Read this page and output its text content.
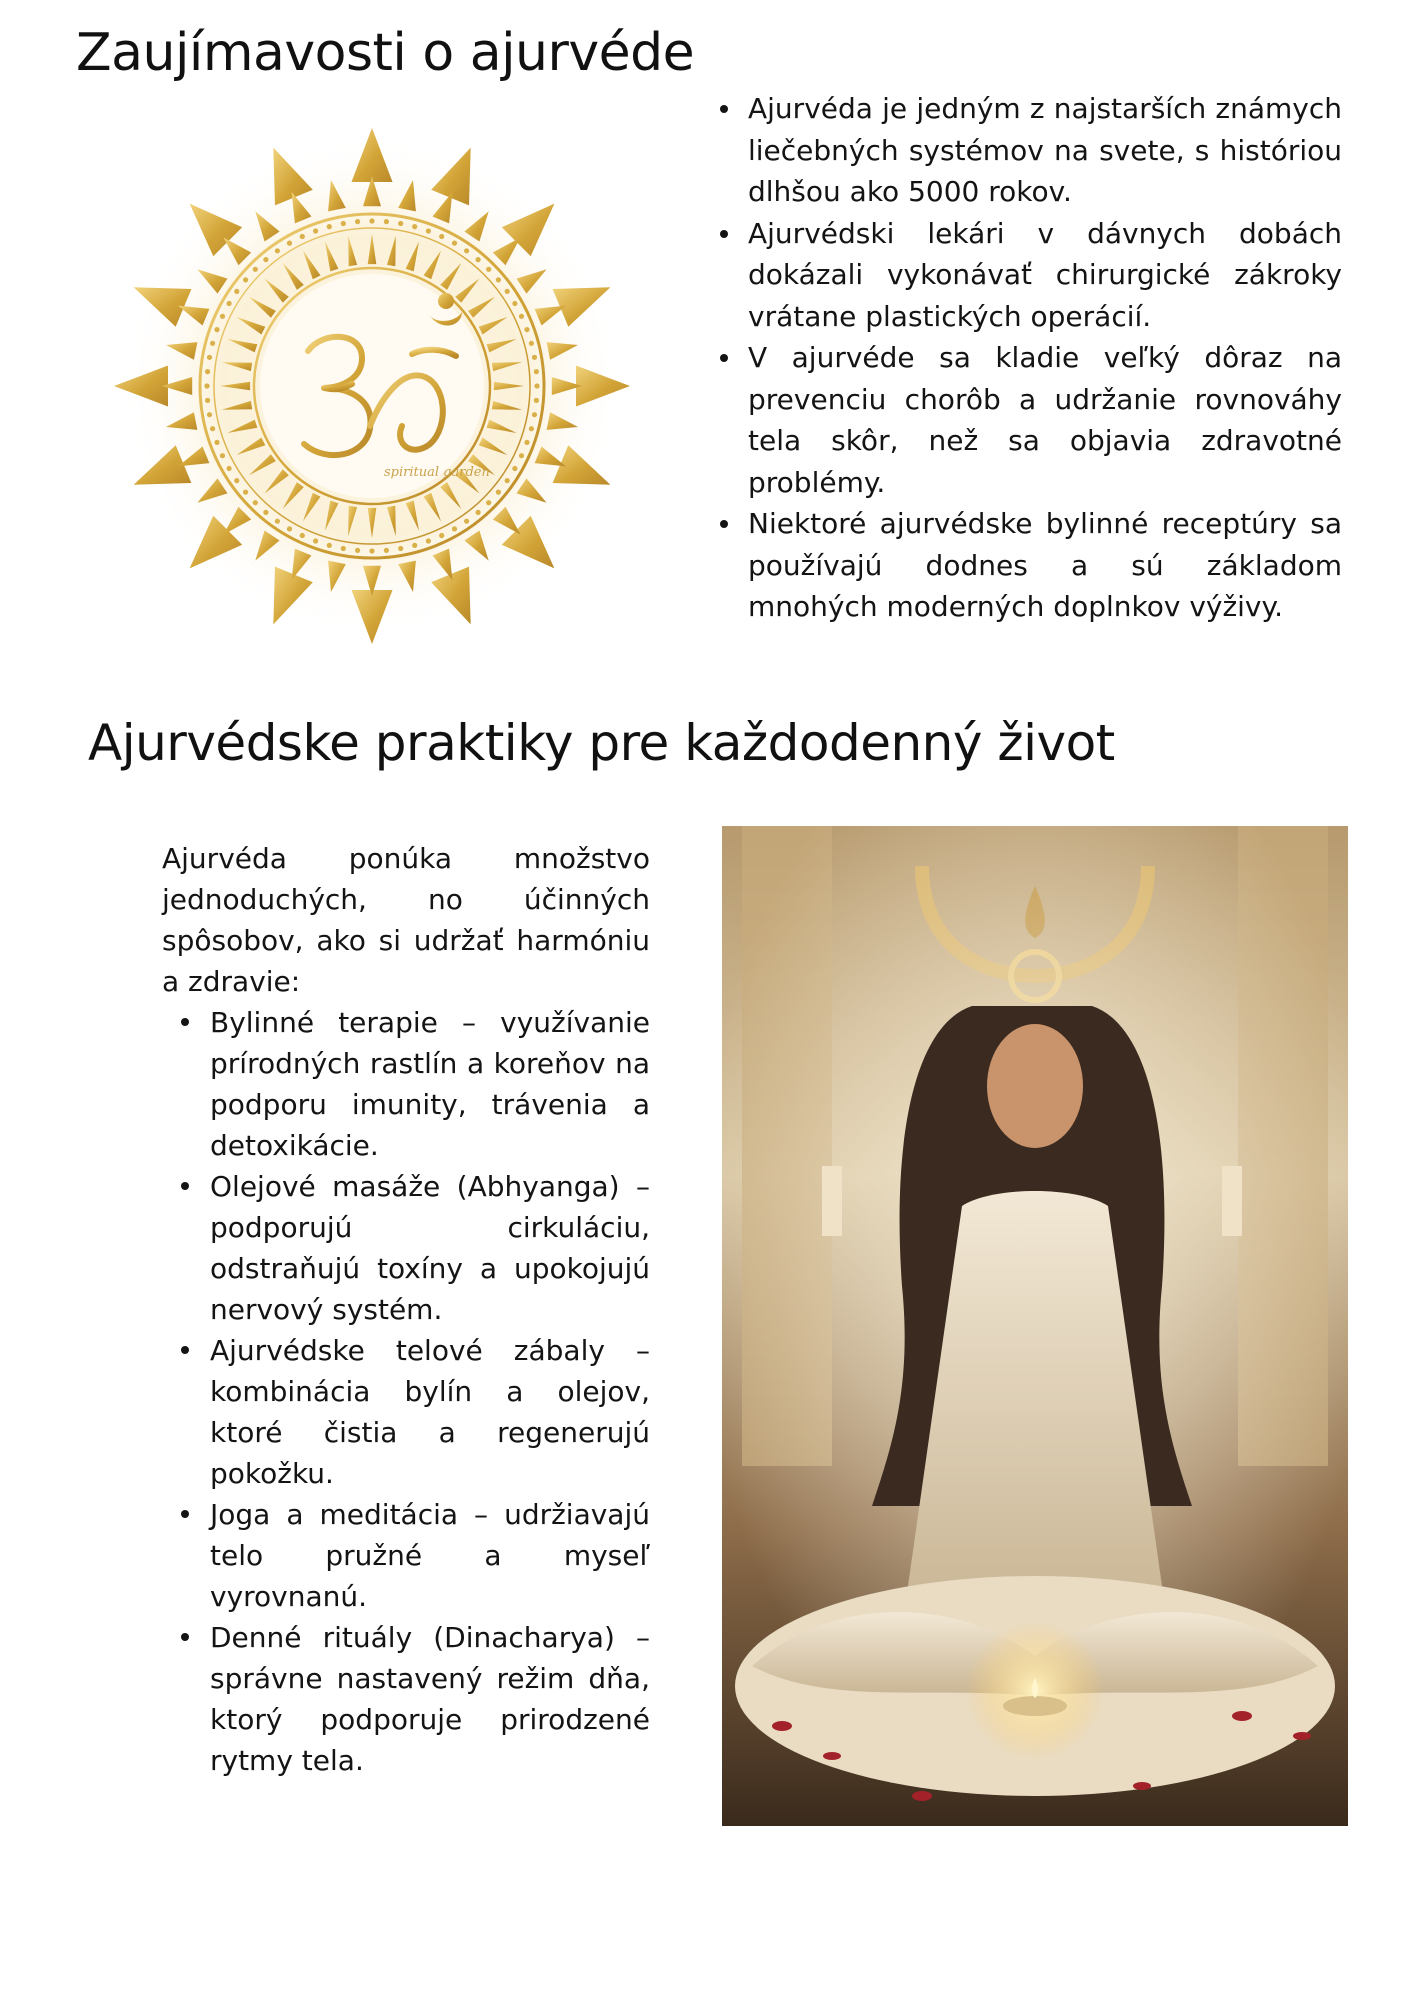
Zaujímavosti o ajurvéde
spiritual garden
Ajurvéda je jedným z najstarších známych liečebných systémov na svete, s históriou dlhšou ako 5000 rokov.
Ajurvédski lekári v dávnych dobách dokázali vykonávať chirurgické zákroky vrátane plastických operácií.
V ajurvéde sa kladie veľký dôraz na prevenciu chorôb a udržanie rovnováhy tela skôr, než sa objavia zdravotné problémy.
Niektoré ajurvédske bylinné receptúry sa používajú dodnes a sú základom mnohých moderných doplnkov výživy.
Ajurvédske praktiky pre každodenný život

Ajurvéda ponúka množstvo jednoduchých, no účinných spôsobov, ako si udržať harmóniu a zdravie:

Bylinné terapie – využívanie prírodných rastlín a koreňov na podporu imunity, trávenia a detoxikácie.
Olejové masáže (Abhyanga) – podporujú cirkuláciu, odstraňujú toxíny a upokojujú nervový systém.
Ajurvédske telové zábaly – kombinácia bylín a olejov, ktoré čistia a regenerujú pokožku.
Joga a meditácia – udržiavajú telo pružné a myseľ vyrovnanú.
Denné rituály (Dinacharya) – správne nastavený režim dňa, ktorý podporuje prirodzené rytmy tela.
